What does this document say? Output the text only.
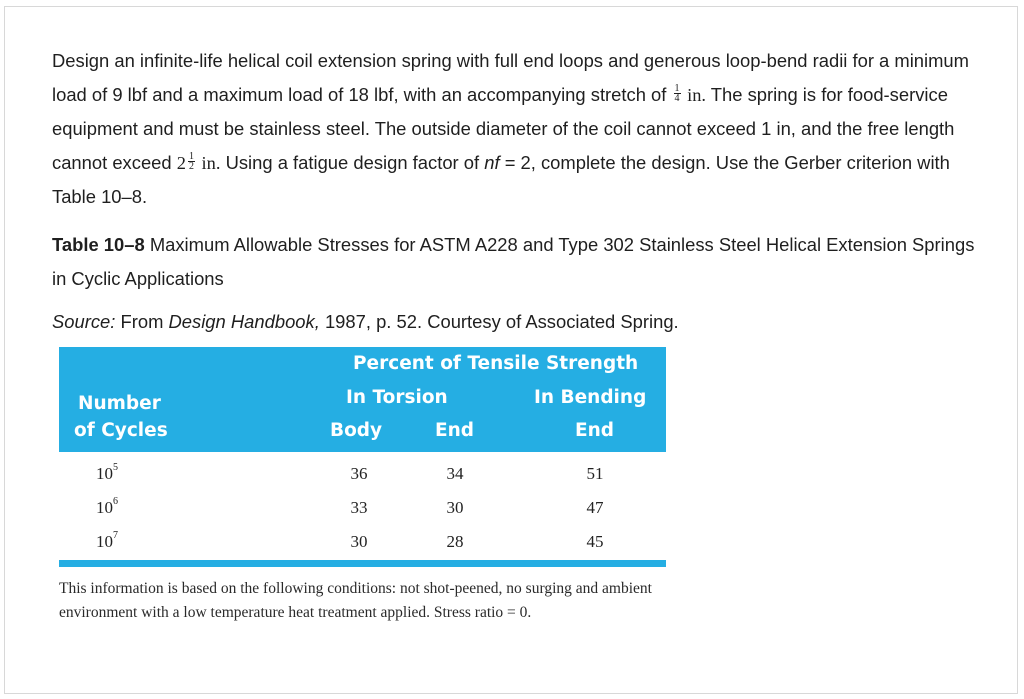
Design an infinite-life helical coil extension spring with full end loops and generous loop-bend radii for a minimum load of 9 lbf and a maximum load of 18 lbf, with an accompanying stretch of $\frac{1}{4}$ in. The spring is for food-service equipment and must be stainless steel. The outside diameter of the coil cannot exceed 1 in, and the free length cannot exceed $2 \frac{1}{2}$ in. Using a fatigue design factor of nf = 2, complete the design. Use the Gerber criterion with Table 10–8.

Table 10–8 Maximum Allowable Stresses for ASTM A228 and Type 302 Stainless Steel Helical Extension Springs in Cyclic Applications

Source: From Design Handbook, 1987, p. 52. Courtesy of Associated Spring.

Percent of Tensile Strength
In Torsion	In Bending
Number
of Cycles	Body	End	End
$10^5$	36	34	51
$10^6$	33	30	47
$10^7$	30	28	45
This information is based on the following conditions: not shot-peened, no surging and ambient environment with a low temperature heat treatment applied. Stress ratio = 0.
